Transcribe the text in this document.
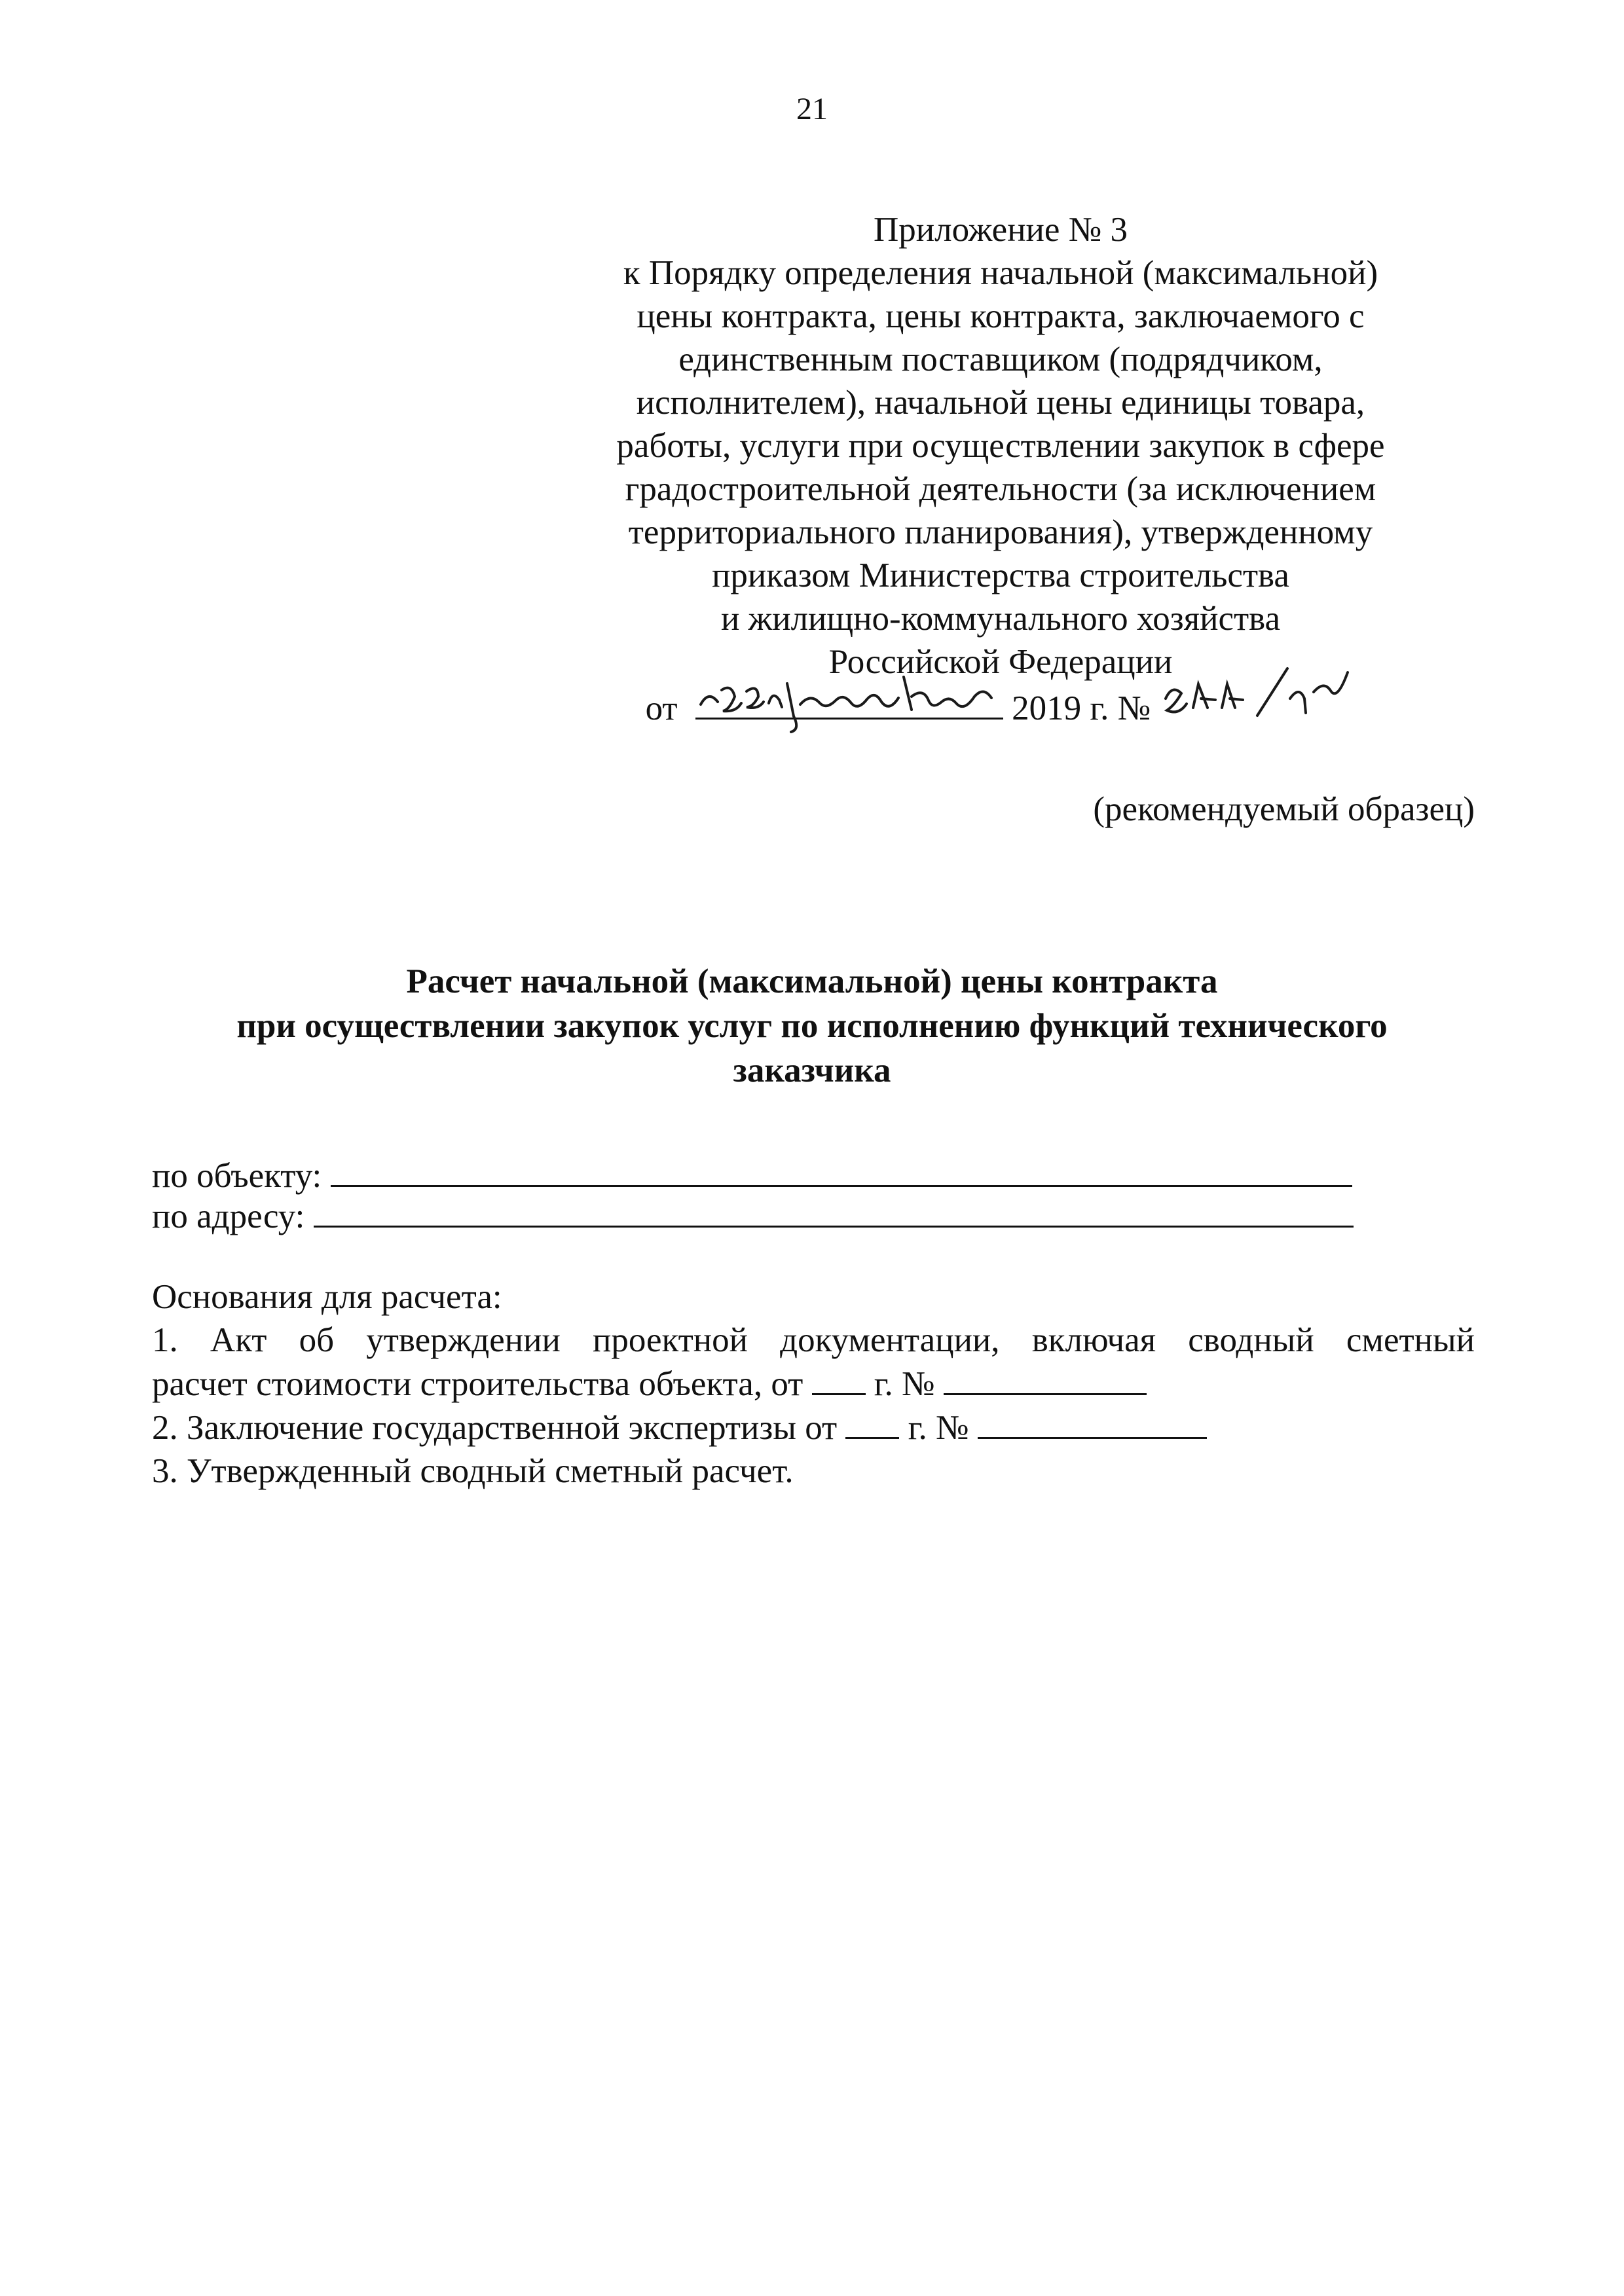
21
Приложение № 3
к Порядку определения начальной (максимальной)
цены контракта, цены контракта, заключаемого с
единственным поставщиком (подрядчиком,
исполнителем), начальной цены единицы товара,
работы, услуги при осуществлении закупок в сфере
градостроительной деятельности (за исключением
территориального планирования), утвержденному
приказом Министерства строительства
и жилищно-коммунального хозяйства
Российской Федерации
от	2019 г. №
(рекомендуемый образец)
Расчет начальной (максимальной) цены контракта
при осуществлении закупок услуг по исполнению функций технического
заказчика
по объекту:
по адресу:
Основания для расчета:
1. Акт об утверждении проектной документации, включая сводный сметный
расчет стоимости строительства объекта, от г. №
2. Заключение государственной экспертизы от г. №
3. Утвержденный сводный сметный расчет.
